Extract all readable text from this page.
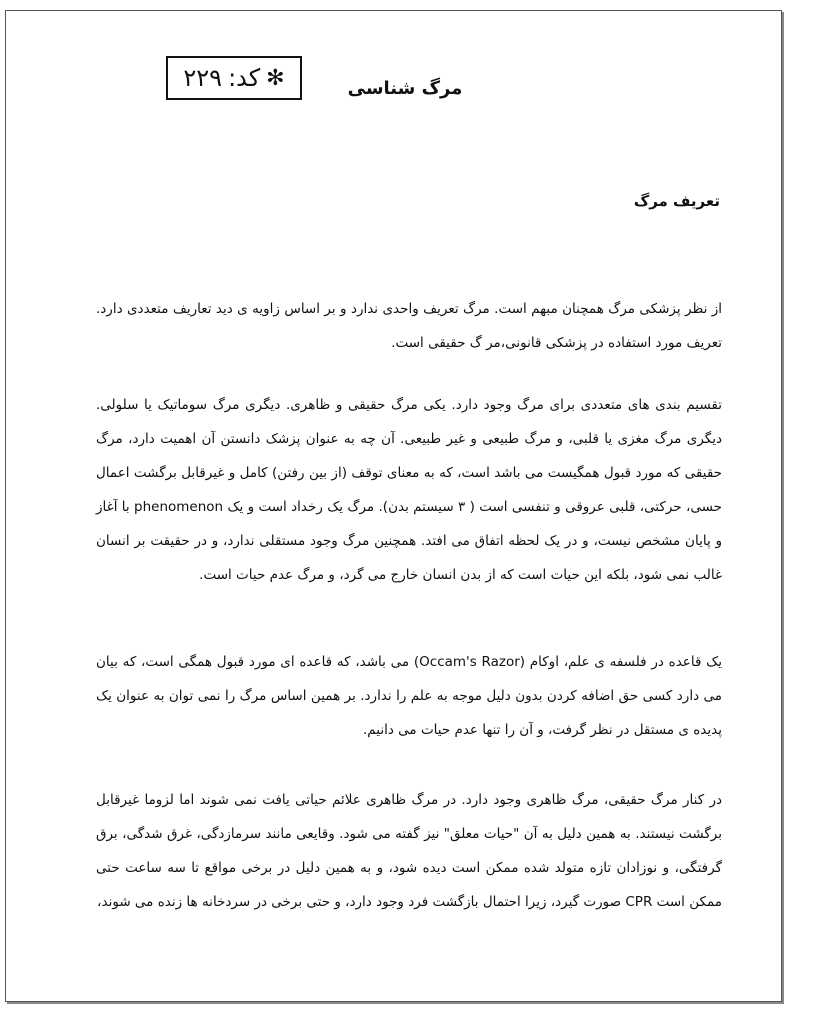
✻
کد:
۲۲۹	مرگ شناسی
تعریف مرگ
از نظر پزشکی مرگ همچنان مبهم است. مرگ تعریف واحدی ندارد و بر اساس زاویه ی دید تعاریف متعددی دارد. تعریف مورد استفاده در پزشکی قانونی،مر گ حقیقی است.
تقسیم بندی های متعددی برای مرگ وجود دارد. یکی مرگ حقیقی و ظاهری. دیگری مرگ سوماتیک یا سلولی. دیگری مرگ مغزی یا قلبی، و مرگ طبیعی و غیر طبیعی. آن چه به عنوان پزشک دانستن آن اهمیت دارد، مرگ حقیقی که مورد قبول همگیست می باشد است، که به معنای توقف (از بین رفتن) کامل و غیرقابل برگشت اعمال حسی، حرکتی، قلبی عروقی و تنفسی است ( ۳ سیستم بدن). مرگ یک رخداد است و یک phenomenon با آغاز و پایان مشخص نیست، و در یک لحظه اتفاق می افتد. همچنین مرگ وجود مستقلی ندارد، و در حقیقت بر انسان غالب نمی شود، بلکه این حیات است که از بدن انسان خارج می گرد، و مرگ عدم حیات است.
یک قاعده در فلسفه ی علم، اوکام (Occam's Razor) می باشد، که قاعده ای مورد قبول همگی است، که بیان می دارد کسی حق اضافه کردن بدون دلیل موجه به علم را ندارد. بر همین اساس مرگ را نمی توان به عنوان یک پدیده ی مستقل در نظر گرفت، و آن را تنها عدم حیات می دانیم.
در کنار مرگ حقیقی، مرگ ظاهری وجود دارد. در مرگ ظاهری علائم حیاتی یافت نمی شوند اما لزوما غیرقابل برگشت نیستند. به همین دلیل به آن "حیات معلق" نیز گفته می شود. وقایعی مانند سرمازدگی، غرق شدگی، برق گرفتگی، و نوزادان تازه متولد شده ممکن است دیده شود، و به همین دلیل در برخی مواقع تا سه ساعت حتی ممکن است CPR صورت گیرد، زیرا احتمال بازگشت فرد وجود دارد، و حتی برخی در سردخانه ها زنده می شوند،
